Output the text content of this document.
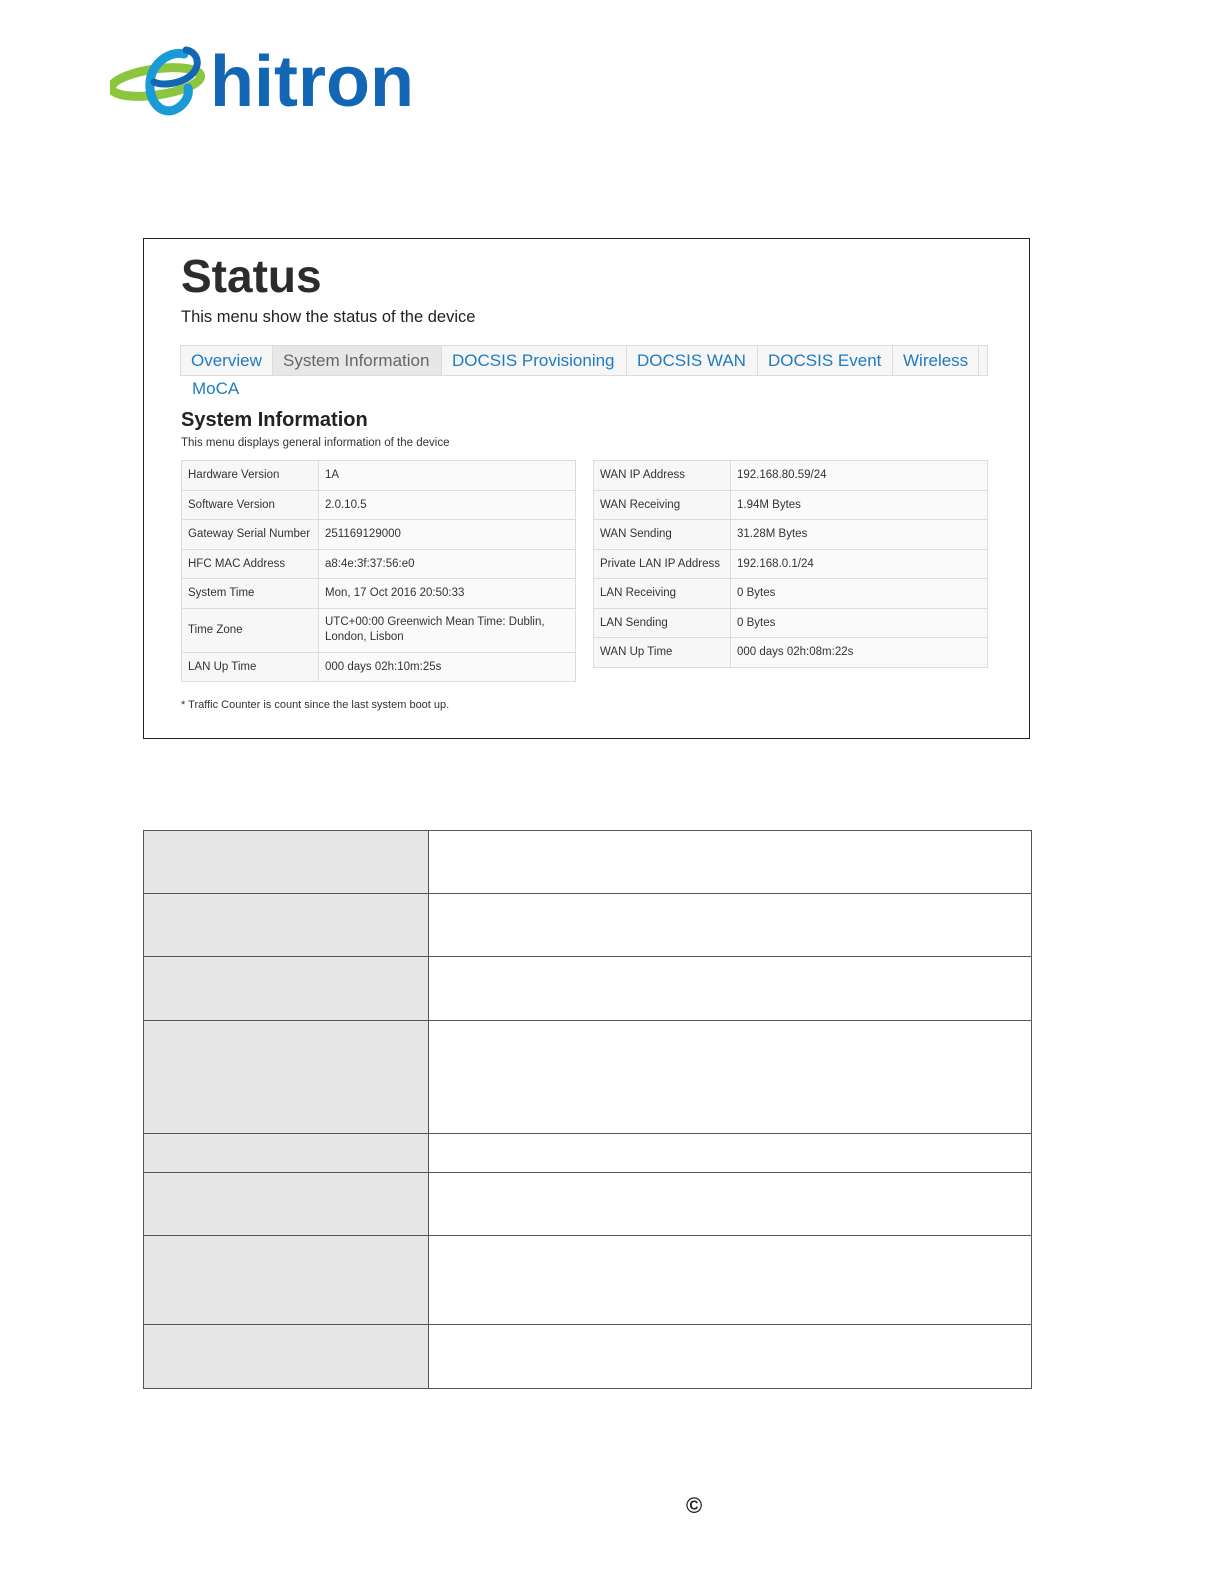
hitron
Status
This menu show the status of the device
Overview	System Information	DOCSIS Provisioning	DOCSIS WAN	DOCSIS Event	Wireless
MoCA
System Information
This menu displays general information of the device
Hardware Version	1A
Software Version	2.0.10.5
Gateway Serial Number	251169129000
HFC MAC Address	a8:4e:3f:37:56:e0
System Time	Mon, 17 Oct 2016 20:50:33
Time Zone	UTC+00:00 Greenwich Mean Time: Dublin, London, Lisbon
LAN Up Time	000 days 02h:10m:25s
WAN IP Address	192.168.80.59/24
WAN Receiving	1.94M Bytes
WAN Sending	31.28M Bytes
Private LAN IP Address	192.168.0.1/24
LAN Receiving	0 Bytes
LAN Sending	0 Bytes
WAN Up Time	000 days 02h:08m:22s
* Traffic Counter is count since the last system boot up.

©
